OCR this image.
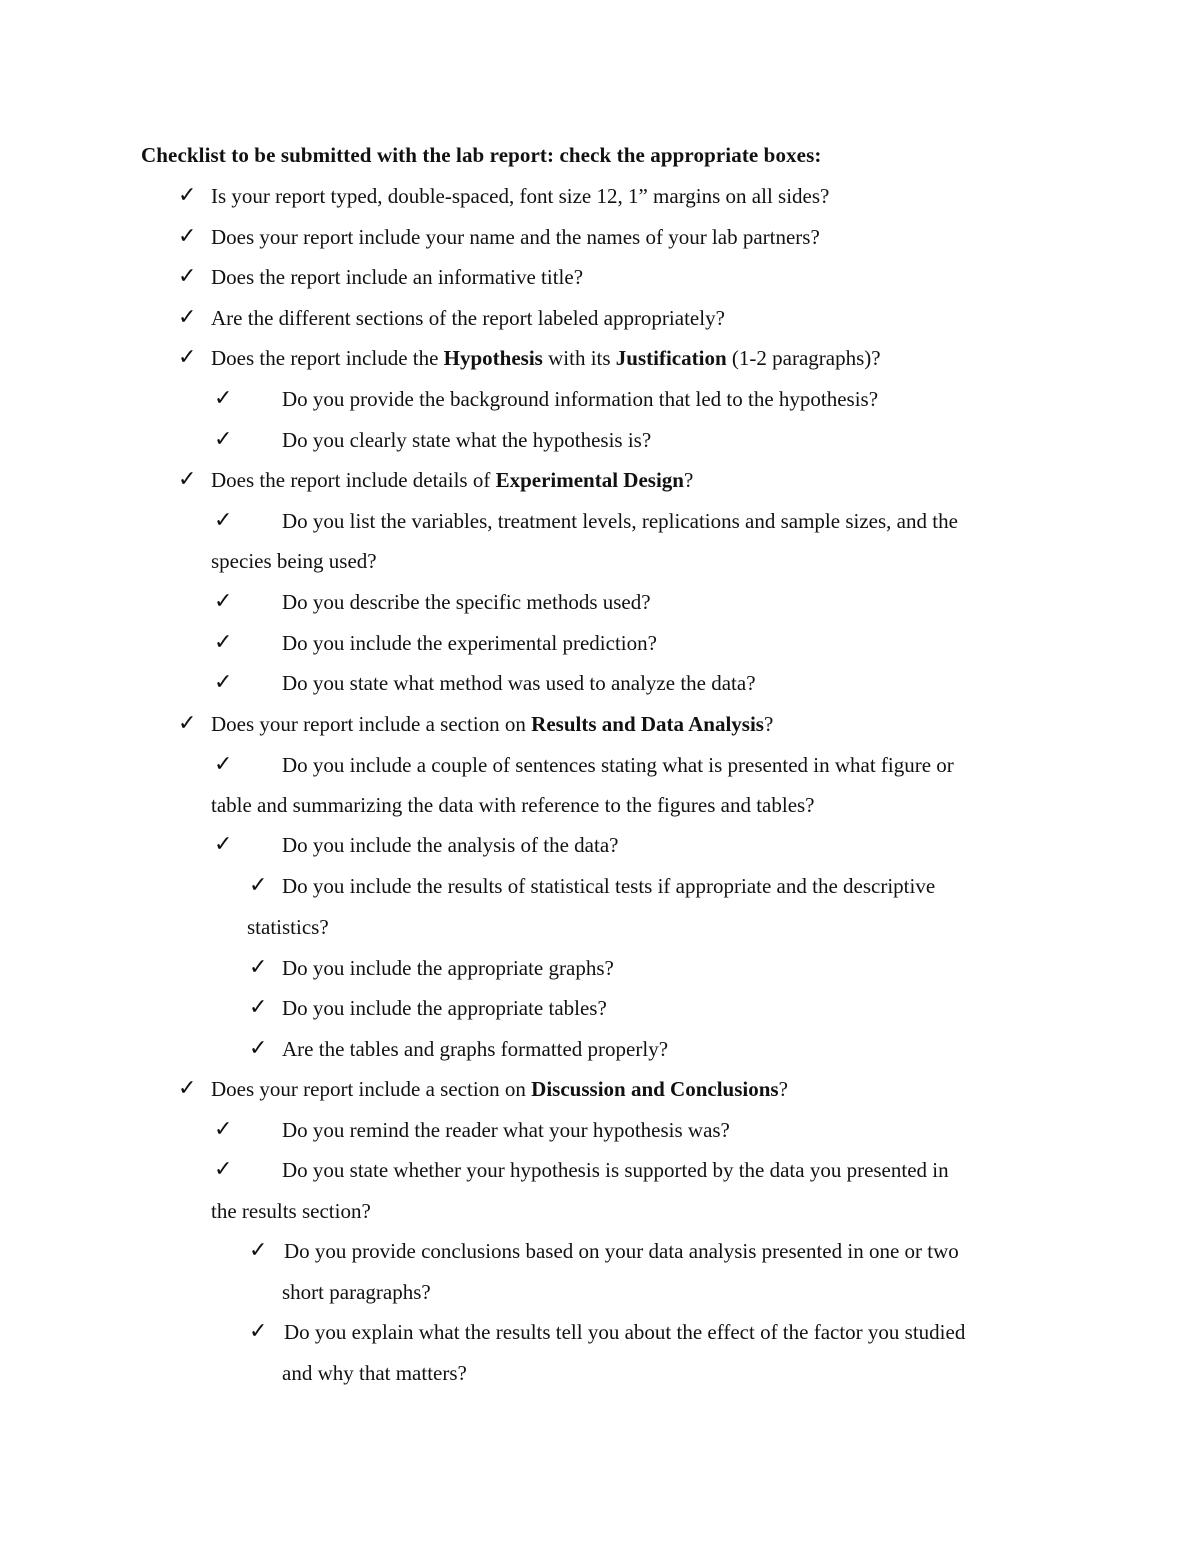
Checklist to be submitted with the lab report: check the appropriate boxes:
✓ Is your report typed, double-spaced, font size 12, 1” margins on all sides?
✓ Does your report include your name and the names of your lab partners?
✓ Does the report include an informative title?
✓ Are the different sections of the report labeled appropriately?
✓ Does the report include the Hypothesis with its Justification (1-2 paragraphs)?
✓ Do you provide the background information that led to the hypothesis?
✓ Do you clearly state what the hypothesis is?
✓ Does the report include details of Experimental Design?
✓ Do you list the variables, treatment levels, replications and sample sizes, and the
species being used?
✓ Do you describe the specific methods used?
✓ Do you include the experimental prediction?
✓ Do you state what method was used to analyze the data?
✓ Does your report include a section on Results and Data Analysis?
✓ Do you include a couple of sentences stating what is presented in what figure or
table and summarizing the data with reference to the figures and tables?
✓ Do you include the analysis of the data?
✓ Do you include the results of statistical tests if appropriate and the descriptive
statistics?
✓ Do you include the appropriate graphs?
✓ Do you include the appropriate tables?
✓ Are the tables and graphs formatted properly?
✓ Does your report include a section on Discussion and Conclusions?
✓ Do you remind the reader what your hypothesis was?
✓ Do you state whether your hypothesis is supported by the data you presented in
the results section?
✓ Do you provide conclusions based on your data analysis presented in one or two
short paragraphs?
✓ Do you explain what the results tell you about the effect of the factor you studied
and why that matters?
